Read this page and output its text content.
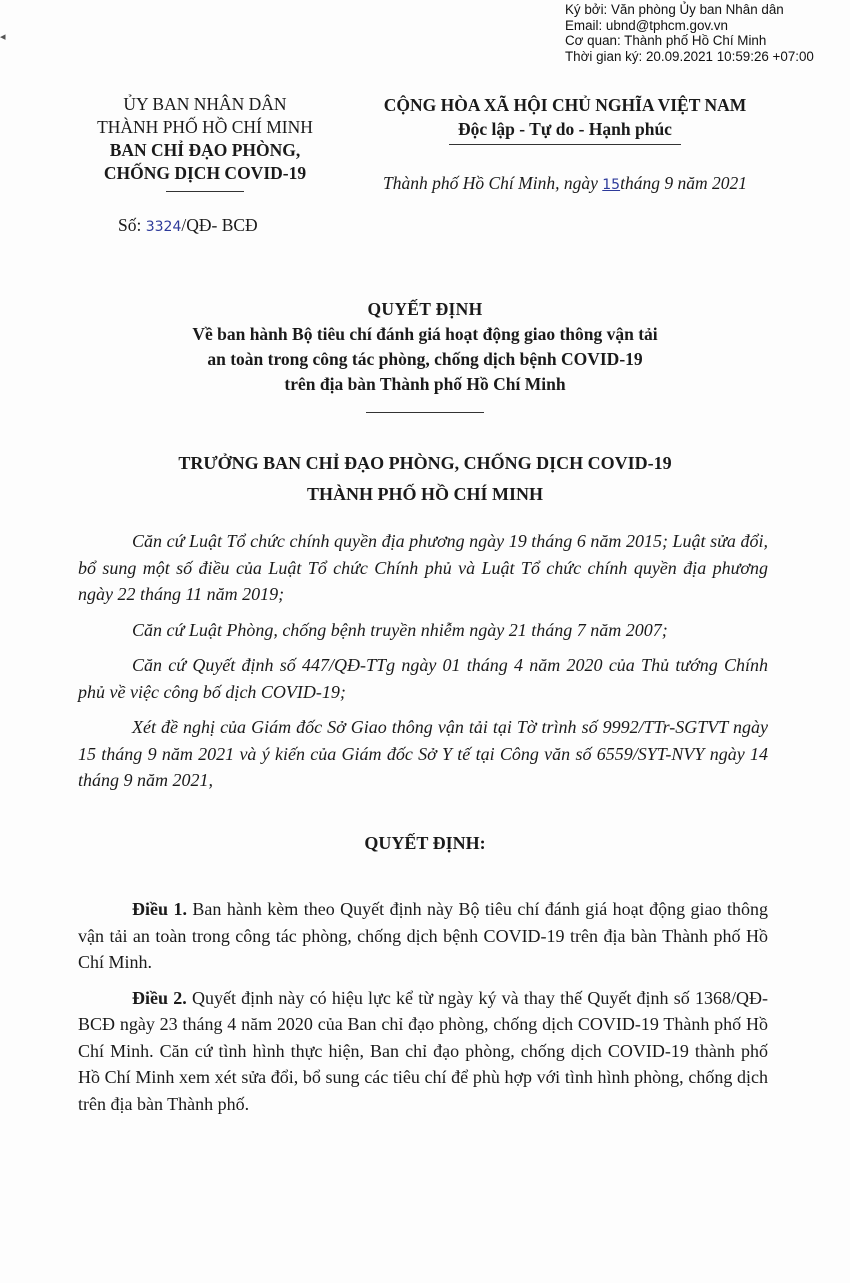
◂
Ký bởi: Văn phòng Ủy ban Nhân dân
Email: ubnd@tphcm.gov.vn
Cơ quan: Thành phố Hồ Chí Minh
Thời gian ký: 20.09.2021 10:59:26 +07:00
ỦY BAN NHÂN DÂN
THÀNH PHỐ HỒ CHÍ MINH
BAN CHỈ ĐẠO PHÒNG,
CHỐNG DỊCH COVID-19
CỘNG HÒA XÃ HỘI CHỦ NGHĨA VIỆT NAM
Độc lập - Tự do - Hạnh phúc
Thành phố Hồ Chí Minh, ngày 15tháng 9 năm 2021
Số: 3324/QĐ- BCĐ
QUYẾT ĐỊNH
Về ban hành Bộ tiêu chí đánh giá hoạt động giao thông vận tải
an toàn trong công tác phòng, chống dịch bệnh COVID-19
trên địa bàn Thành phố Hồ Chí Minh
TRƯỞNG BAN CHỈ ĐẠO PHÒNG, CHỐNG DỊCH COVID-19
THÀNH PHỐ HỒ CHÍ MINH

Căn cứ Luật Tổ chức chính quyền địa phương ngày 19 tháng 6 năm 2015; Luật sửa đổi, bổ sung một số điều của Luật Tổ chức Chính phủ và Luật Tổ chức chính quyền địa phương ngày 22 tháng 11 năm 2019;

Căn cứ Luật Phòng, chống bệnh truyền nhiễm ngày 21 tháng 7 năm 2007;

Căn cứ Quyết định số 447/QĐ-TTg ngày 01 tháng 4 năm 2020 của Thủ tướng Chính phủ về việc công bố dịch COVID-19;

Xét đề nghị của Giám đốc Sở Giao thông vận tải tại Tờ trình số 9992/TTr-SGTVT ngày 15 tháng 9 năm 2021 và ý kiến của Giám đốc Sở Y tế tại Công văn số 6559/SYT-NVY ngày 14 tháng 9 năm 2021,

QUYẾT ĐỊNH:

Điều 1. Ban hành kèm theo Quyết định này Bộ tiêu chí đánh giá hoạt động giao thông vận tải an toàn trong công tác phòng, chống dịch bệnh COVID-19 trên địa bàn Thành phố Hồ Chí Minh.

Điều 2. Quyết định này có hiệu lực kể từ ngày ký và thay thế Quyết định số 1368/QĐ-BCĐ ngày 23 tháng 4 năm 2020 của Ban chỉ đạo phòng, chống dịch COVID-19 Thành phố Hồ Chí Minh. Căn cứ tình hình thực hiện, Ban chỉ đạo phòng, chống dịch COVID-19 thành phố Hồ Chí Minh xem xét sửa đổi, bổ sung các tiêu chí để phù hợp với tình hình phòng, chống dịch trên địa bàn Thành phố.
